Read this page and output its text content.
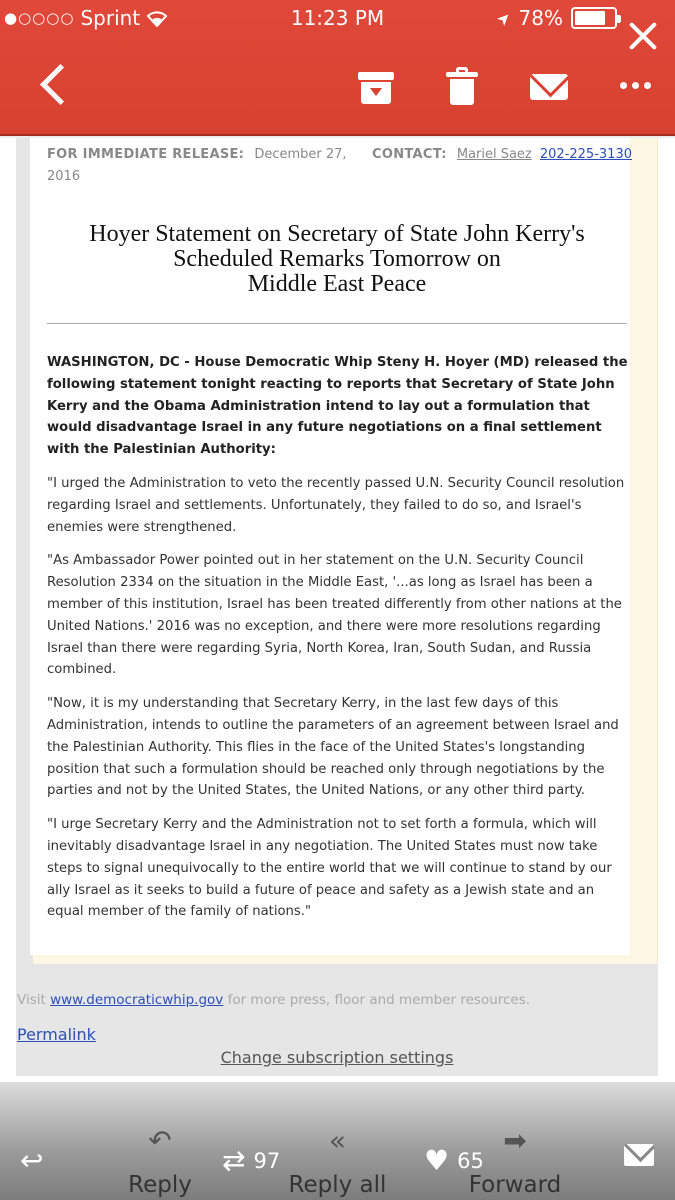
●○○○○ Sprint	11:23 PM	➤ 78%
FOR IMMEDIATE RELEASE: December 27, 2016
CONTACT: Mariel Saez 202-225-3130
Hoyer Statement on Secretary of State John Kerry's
Scheduled Remarks Tomorrow on
Middle East Peace

WASHINGTON, DC - House Democratic Whip Steny H. Hoyer (MD) released the following statement tonight reacting to reports that Secretary of State John Kerry and the Obama Administration intend to lay out a formulation that would disadvantage Israel in any future negotiations on a final settlement with the Palestinian Authority:

"I urged the Administration to veto the recently passed U.N. Security Council resolution regarding Israel and settlements. Unfortunately, they failed to do so, and Israel's enemies were strengthened.

"As Ambassador Power pointed out in her statement on the U.N. Security Council Resolution 2334 on the situation in the Middle East, '...as long as Israel has been a member of this institution, Israel has been treated differently from other nations at the United Nations.' 2016 was no exception, and there were more resolutions regarding Israel than there were regarding Syria, North Korea, Iran, South Sudan, and Russia combined.

"Now, it is my understanding that Secretary Kerry, in the last few days of this Administration, intends to outline the parameters of an agreement between Israel and the Palestinian Authority. This flies in the face of the United States's longstanding position that such a formulation should be reached only through negotiations by the parties and not by the United States, the United Nations, or any other third party.

"I urge Secretary Kerry and the Administration not to set forth a formula, which will inevitably disadvantage Israel in any negotiation. The United States must now take steps to signal unequivocally to the entire world that we will continue to stand by our ally Israel as it seeks to build a future of peace and safety as a Jewish state and an equal member of the family of nations."

Visit www.democraticwhip.gov for more press, floor and member resources.
Permalink
Change subscription settings
↶
Reply
«
Reply all
➡
Forward
↩	⇄ 97	♥ 65
